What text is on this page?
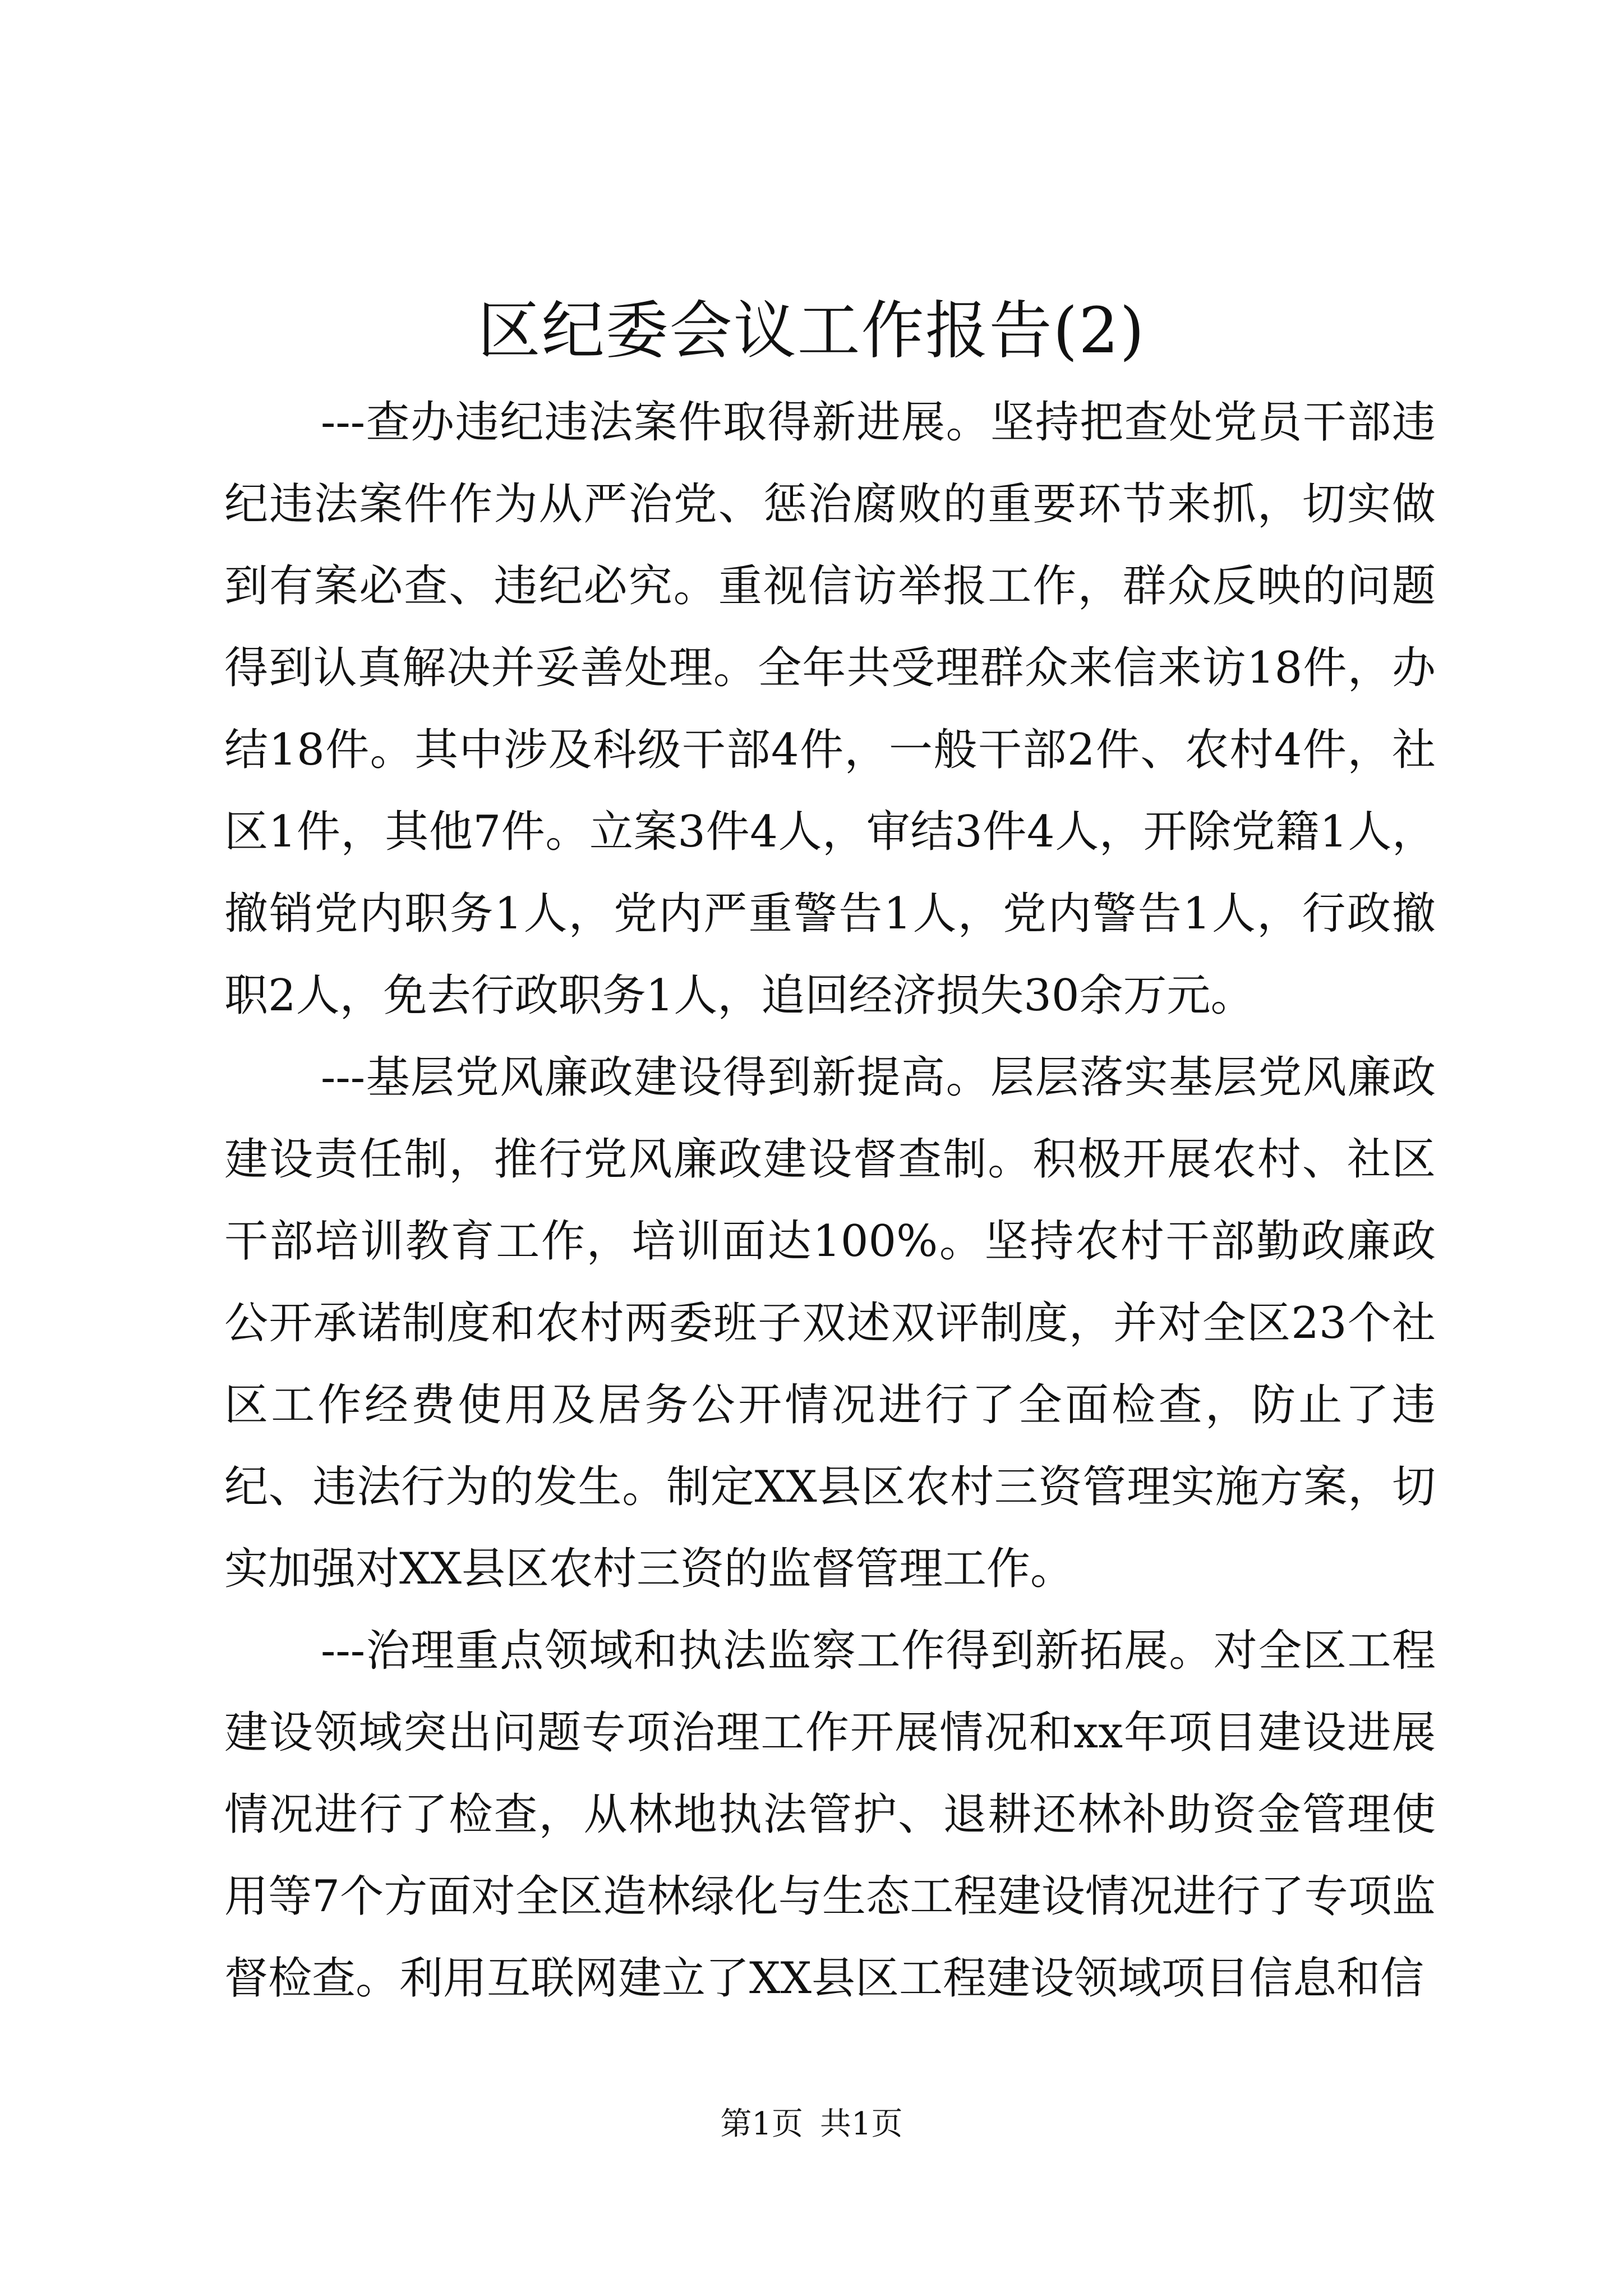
区纪委会议工作报告(2)

---查办违纪违法案件取得新进展。坚持把查处党员干部违纪违法案件作为从严治党、惩治腐败的重要环节来抓，切实做到有案必查、违纪必究。重视信访举报工作，群众反映的问题得到认真解决并妥善处理。全年共受理群众来信来访18件，办结18件。其中涉及科级干部4件，一般干部2件、农村4件，社区1件，其他7件。立案3件4人，审结3件4人，开除党籍1人，撤销党内职务1人，党内严重警告1人，党内警告1人，行政撤职2人，免去行政职务1人，追回经济损失30余万元。

---基层党风廉政建设得到新提高。层层落实基层党风廉政建设责任制，推行党风廉政建设督查制。积极开展农村、社区干部培训教育工作，培训面达100%。坚持农村干部勤政廉政公开承诺制度和农村两委班子双述双评制度，并对全区23个社区工作经费使用及居务公开情况进行了全面检查，防止了违纪、违法行为的发生。制定XX县区农村三资管理实施方案，切实加强对XX县区农村三资的监督管理工作。

---治理重点领域和执法监察工作得到新拓展。对全区工程建设领域突出问题专项治理工作开展情况和xx年项目建设进展情况进行了检查，从林地执法管护、退耕还林补助资金管理使用等7个方面对全区造林绿化与生态工程建设情况进行了专项监督检查。利用互联网建立了XX县区工程建设领域项目信息和信

第1页 共1页
